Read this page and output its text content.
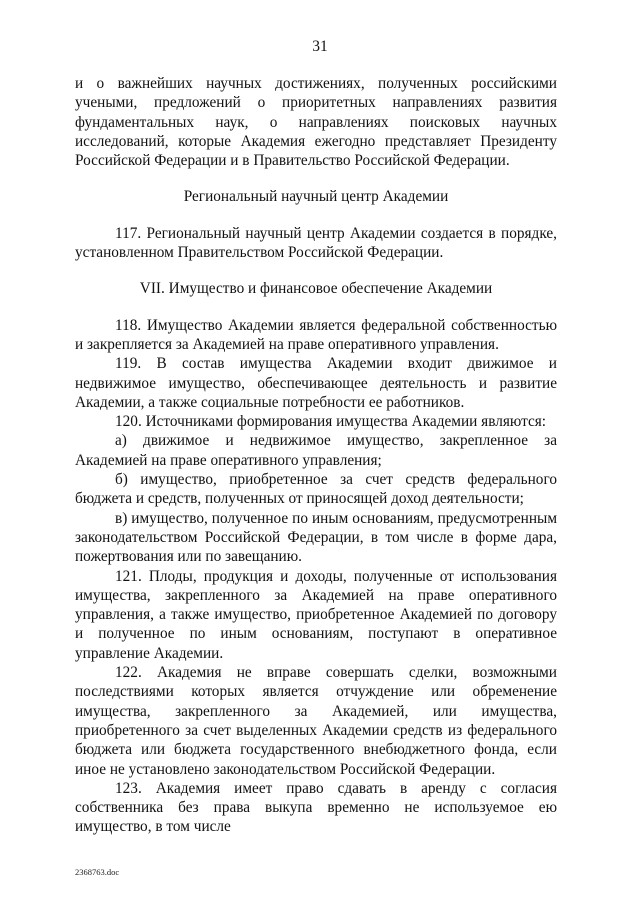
31

и о важнейших научных достижениях, полученных российскими учеными, предложений о приоритетных направлениях развития фундаментальных наук, о направлениях поисковых научных исследований, которые Академия ежегодно представляет Президенту Российской Федерации и в Правительство Российской Федерации.

Региональный научный центр Академии

117. Региональный научный центр Академии создается в порядке, установленном Правительством Российской Федерации.

VII. Имущество и финансовое обеспечение Академии

118. Имущество Академии является федеральной собственностью и закрепляется за Академией на праве оперативного управления.

119. В состав имущества Академии входит движимое и недвижимое имущество, обеспечивающее деятельность и развитие Академии, а также социальные потребности ее работников.

120. Источниками формирования имущества Академии являются:

а) движимое и недвижимое имущество, закрепленное за Академией на праве оперативного управления;

б) имущество, приобретенное за счет средств федерального бюджета и средств, полученных от приносящей доход деятельности;

в) имущество, полученное по иным основаниям, предусмотренным законодательством Российской Федерации, в том числе в форме дара, пожертвования или по завещанию.

121. Плоды, продукция и доходы, полученные от использования имущества, закрепленного за Академией на праве оперативного управления, а также имущество, приобретенное Академией по договору и полученное по иным основаниям, поступают в оперативное управление Академии.

122. Академия не вправе совершать сделки, возможными последствиями которых является отчуждение или обременение имущества, закрепленного за Академией, или имущества, приобретенного за счет выделенных Академии средств из федерального бюджета или бюджета государственного внебюджетного фонда, если иное не установлено законодательством Российской Федерации.

123. Академия имеет право сдавать в аренду с согласия собственника без права выкупа временно не используемое ею имущество, в том числе

2368763.doc
